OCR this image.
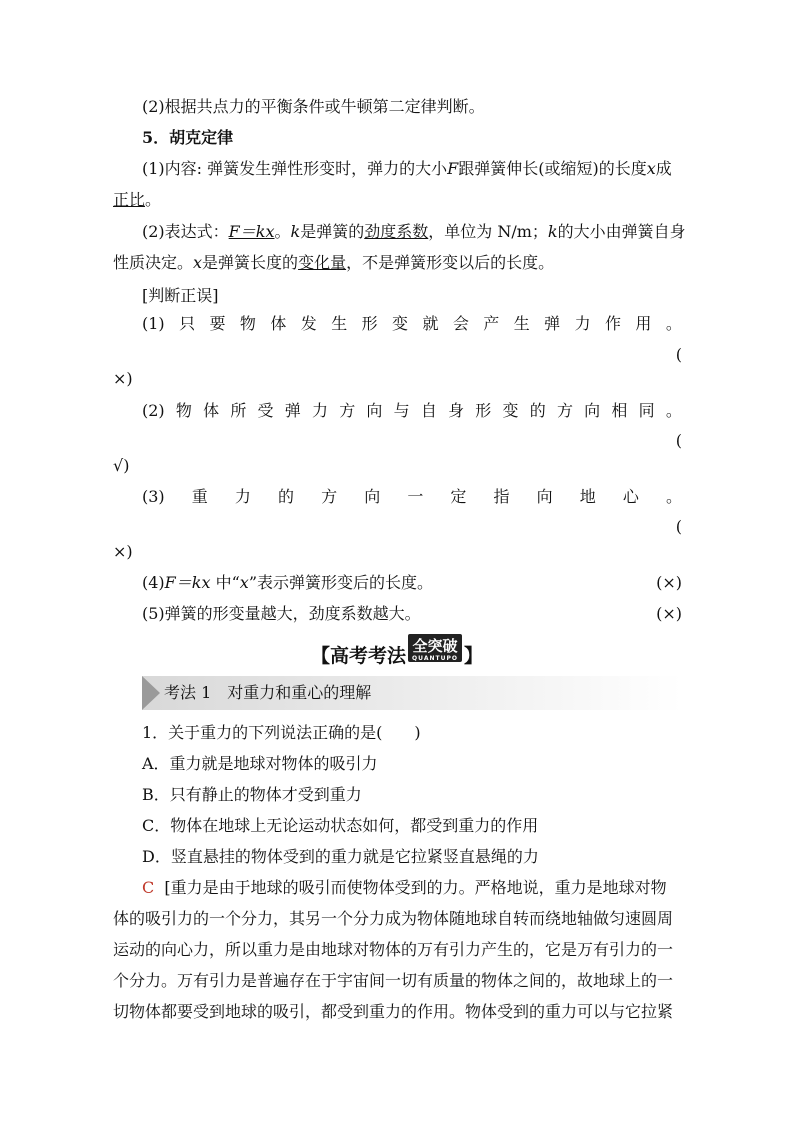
(2)根据共点力的平衡条件或牛顿第二定律判断。
5．胡克定律
(1)内容: 弹簧发生弹性形变时，弹力的大小F跟弹簧伸长(或缩短)的长度x成
正比。
(2)表达式：F＝kx。k是弹簧的劲度系数，单位为 N/m；k的大小由弹簧自身
性质决定。x是弹簧长度的变化量，不是弹簧形变以后的长度。
[判断正误]
(1) 只 要 物 体 发 生 形 变 就 会 产 生 弹 力 作 用 。
(
×)
(2) 物 体 所 受 弹 力 方 向 与 自 身 形 变 的 方 向 相 同 。
(
√)
(3) 重 力 的 方 向 一 定 指 向 地 心 。
(
×)
(4)F＝kx 中“x”表示弹簧形变后的长度。	(×)
(5)弹簧的形变量越大，劲度系数越大。	(×)
【高考考法 全突破
QUANTUPO 】
考法 1　对重力和重心的理解
1．关于重力的下列说法正确的是(　　)
A．重力就是地球对物体的吸引力
B．只有静止的物体才受到重力
C．物体在地球上无论运动状态如何，都受到重力的作用
D．竖直悬挂的物体受到的重力就是它拉紧竖直悬绳的力
C [重力是由于地球的吸引而使物体受到的力。严格地说，重力是地球对物
体的吸引力的一个分力，其另一个分力成为物体随地球自转而绕地轴做匀速圆周
运动的向心力，所以重力是由地球对物体的万有引力产生的，它是万有引力的一
个分力。万有引力是普遍存在于宇宙间一切有质量的物体之间的，故地球上的一
切物体都要受到地球的吸引，都受到重力的作用。物体受到的重力可以与它拉紧
